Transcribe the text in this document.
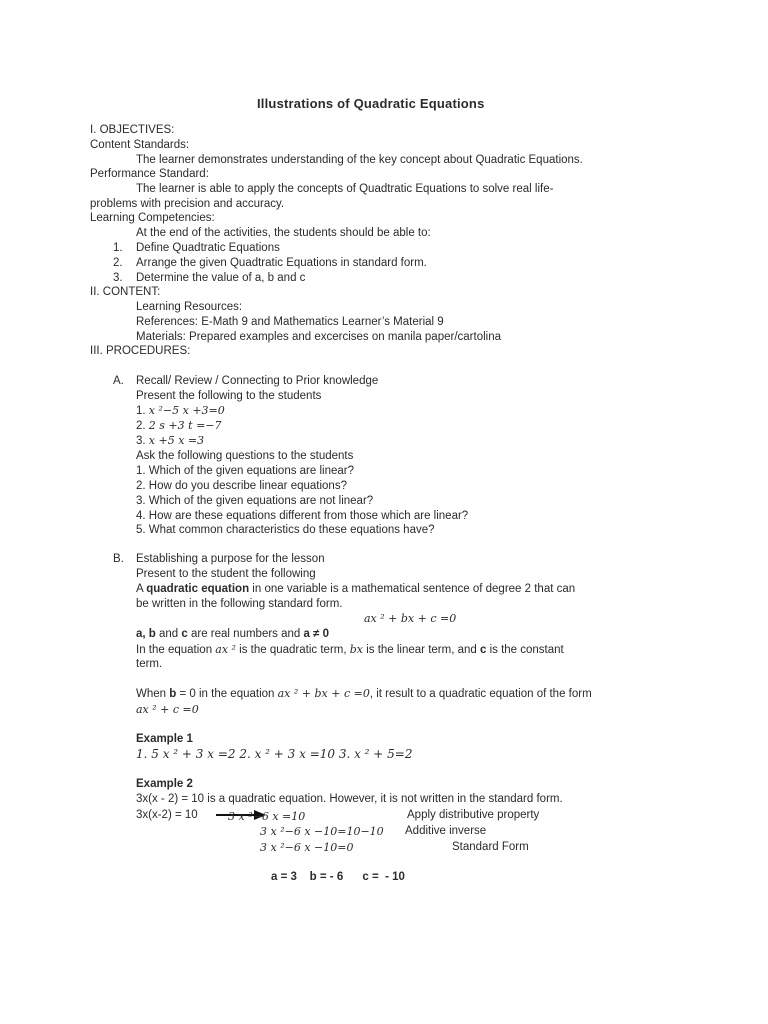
Illustrations of Quadratic Equations
I. OBJECTIVES:
Content Standards:
The learner demonstrates understanding of the key concept about Quadratic Equations.
Performance Standard:
The learner is able to apply the concepts of Quadtratic Equations to solve real life-
problems with precision and accuracy.
Learning Competencies:
At the end of the activities, the students should be able to:
1. Define Quadtratic Equations
2. Arrange the given Quadtratic Equations in standard form.
3. Determine the value of a, b and c
II. CONTENT:
Learning Resources:
References: E-Math 9 and Mathematics Learner’s Material 9
Materials: Prepared examples and excercises on manila paper/cartolina
III. PROCEDURES:
A. Recall/ Review / Connecting to Prior knowledge
Present the following to the students
1. x ²−5 x +3=0
2. 2 s +3 t =−7
3. x +5 x =3
Ask the following questions to the students
1. Which of the given equations are linear?
2. How do you describe linear equations?
3. Which of the given equations are not linear?
4. How are these equations different from those which are linear?
5. What common characteristics do these equations have?
B. Establishing a purpose for the lesson
Present to the student the following
A quadratic equation in one variable is a mathematical sentence of degree 2 that can
be written in the following standard form.
ax ² + bx + c =0
a, b and c are real numbers and a ≠ 0
In the equation ax ² is the quadratic term, bx is the linear term, and c is the constant
term.
When b = 0 in the equation ax ² + bx + c =0, it result to a quadratic equation of the form
ax ² + c =0
Example 1
1. 5 x ² + 3 x =2 2. x ² + 3 x =10 3. x ² + 5=2
Example 2
3x(x - 2) = 10 is a quadratic equation. However, it is not written in the standard form.
3x(x-2) = 10	3 x ²−6 x =10	Apply distributive property
3 x ²−6 x −10=10−10 Additive inverse
3 x ²−6 x −10=0	Standard Form
a = 3    b = - 6      c =  - 10
